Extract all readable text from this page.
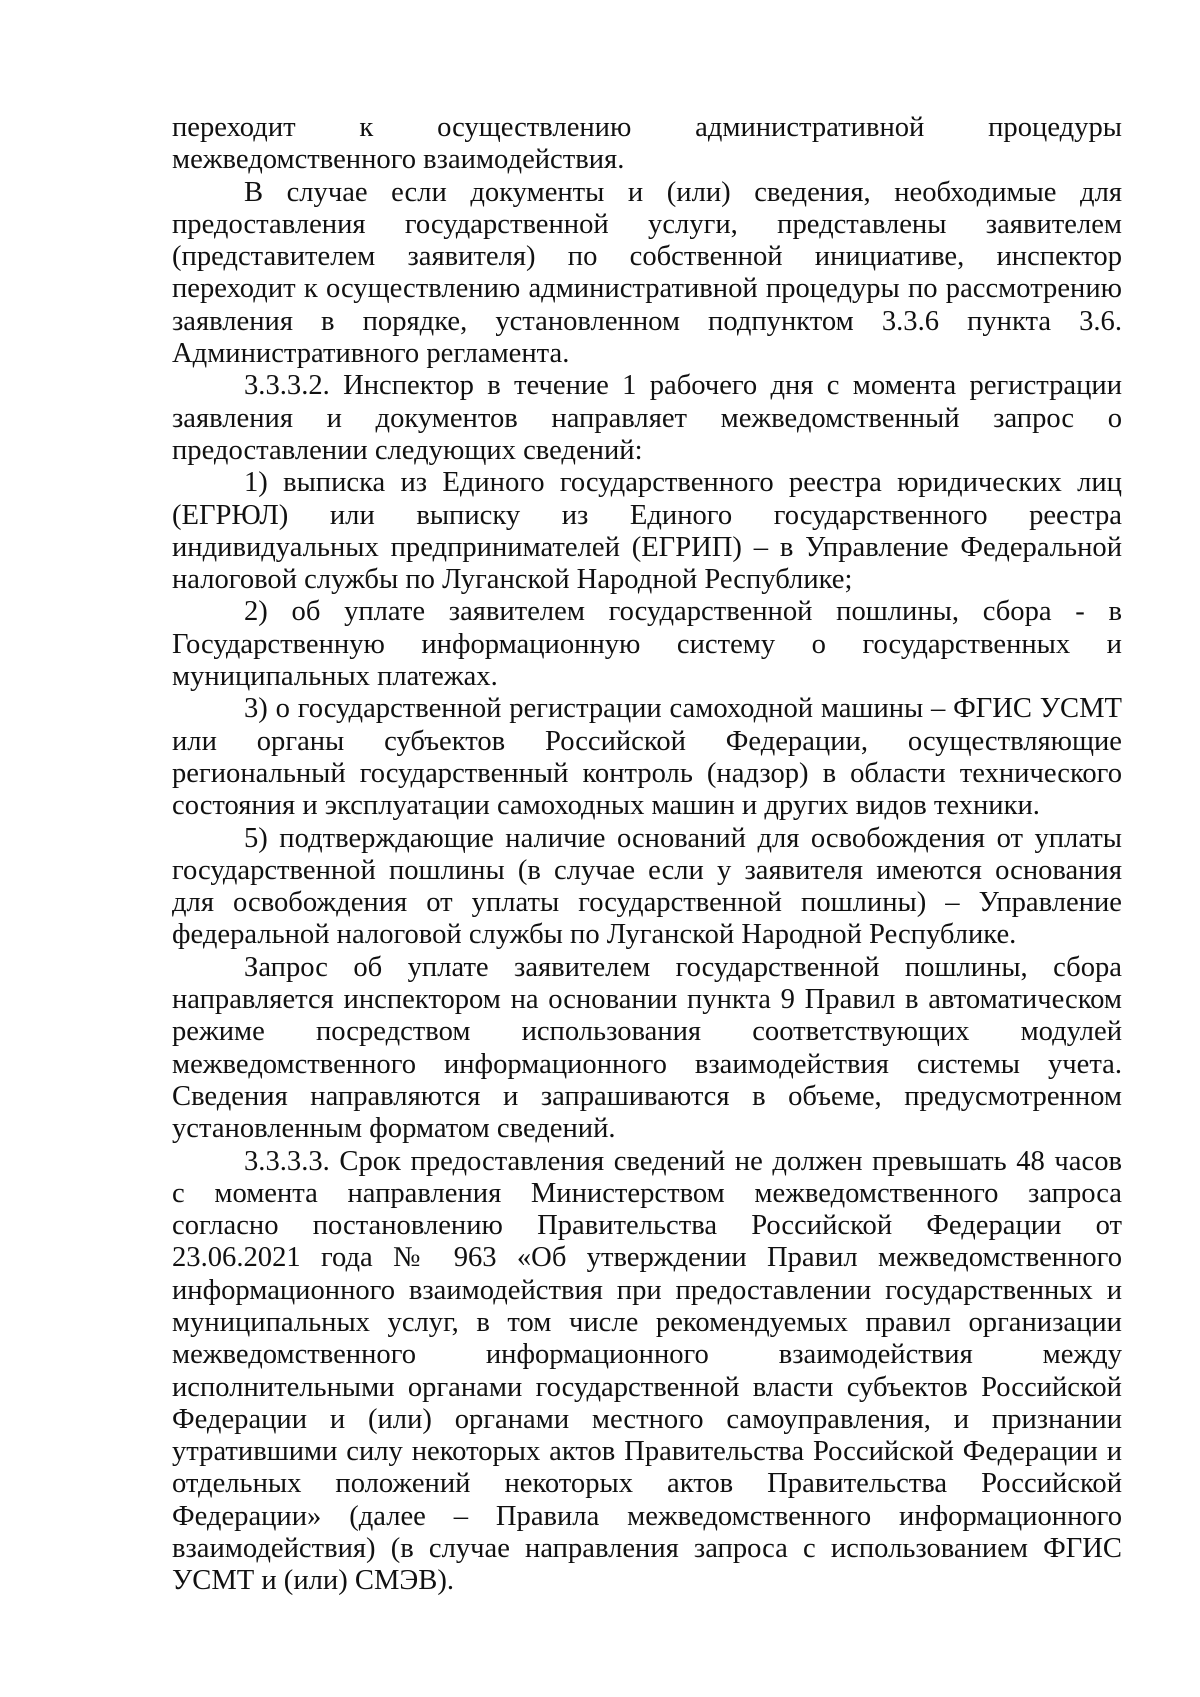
переходит к осуществлению административной процедуры межведомственного взаимодействия.

В случае если документы и (или) сведения, необходимые для предоставления государственной услуги, представлены заявителем (представителем заявителя) по собственной инициативе, инспектор переходит к осуществлению административной процедуры по рассмотрению заявления в порядке, установленном подпунктом 3.3.6 пункта 3.6. Административного регламента.

3.3.3.2. Инспектор в течение 1 рабочего дня с момента регистрации заявления и документов направляет межведомственный запрос о предоставлении следующих сведений:

1) выписка из Единого государственного реестра юридических лиц (ЕГРЮЛ) или выписку из Единого государственного реестра индивидуальных предпринимателей (ЕГРИП) – в Управление Федеральной налоговой службы по Луганской Народной Республике;

2) об уплате заявителем государственной пошлины, сбора - в Государственную информационную систему о государственных и муниципальных платежах.

3) о государственной регистрации самоходной машины – ФГИС УСМТ или органы субъектов Российской Федерации, осуществляющие региональный государственный контроль (надзор) в области технического состояния и эксплуатации самоходных машин и других видов техники.

5) подтверждающие наличие оснований для освобождения от уплаты государственной пошлины (в случае если у заявителя имеются основания для освобождения от уплаты государственной пошлины) – Управление федеральной налоговой службы по Луганской Народной Республике.

Запрос об уплате заявителем государственной пошлины, сбора направляется инспектором на основании пункта 9 Правил в автоматическом режиме посредством использования соответствующих модулей межведомственного информационного взаимодействия системы учета. Сведения направляются и запрашиваются в объеме, предусмотренном установленным форматом сведений.

3.3.3.3. Срок предоставления сведений не должен превышать 48 часов с момента направления Министерством межведомственного запроса согласно постановлению Правительства Российской Федерации от 23.06.2021 года № 963 «Об утверждении Правил межведомственного информационного взаимодействия при предоставлении государственных и муниципальных услуг, в том числе рекомендуемых правил организации межведомственного информационного взаимодействия между исполнительными органами государственной власти субъектов Российской Федерации и (или) органами местного самоуправления, и признании утратившими силу некоторых актов Правительства Российской Федерации и отдельных положений некоторых актов Правительства Российской Федерации» (далее – Правила межведомственного информационного взаимодействия) (в случае направления запроса с использованием ФГИС УСМТ и (или) СМЭВ).
